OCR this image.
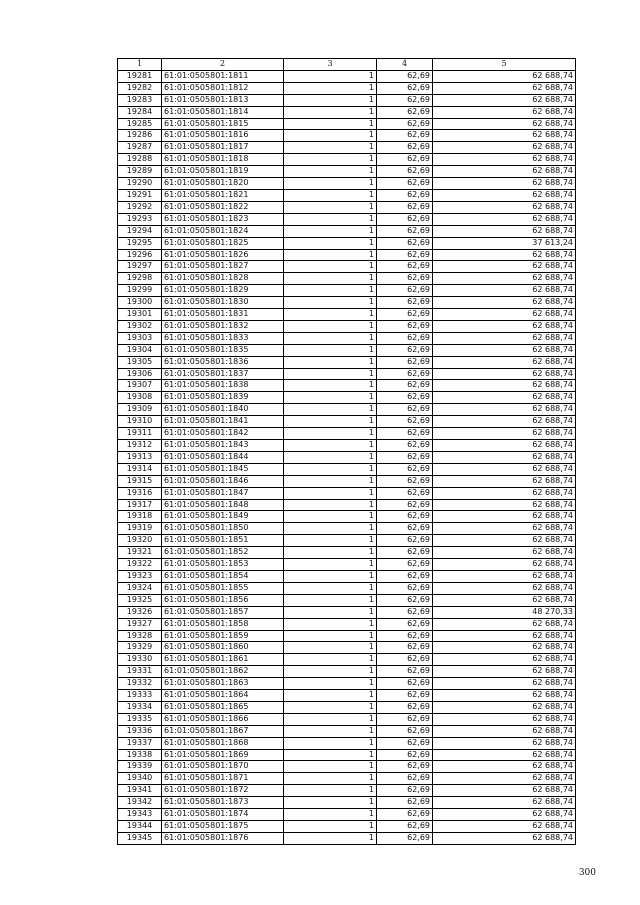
1	2	3	4	5
19281	61:01:0505801:1811	1	62,69	62 688,74
19282	61:01:0505801:1812	1	62,69	62 688,74
19283	61:01:0505801:1813	1	62,69	62 688,74
19284	61:01:0505801:1814	1	62,69	62 688,74
19285	61:01:0505801:1815	1	62,69	62 688,74
19286	61:01:0505801:1816	1	62,69	62 688,74
19287	61:01:0505801:1817	1	62,69	62 688,74
19288	61:01:0505801:1818	1	62,69	62 688,74
19289	61:01:0505801:1819	1	62,69	62 688,74
19290	61:01:0505801:1820	1	62,69	62 688,74
19291	61:01:0505801:1821	1	62,69	62 688,74
19292	61:01:0505801:1822	1	62,69	62 688,74
19293	61:01:0505801:1823	1	62,69	62 688,74
19294	61:01:0505801:1824	1	62,69	62 688,74
19295	61:01:0505801:1825	1	62,69	37 613,24
19296	61:01:0505801:1826	1	62,69	62 688,74
19297	61:01:0505801:1827	1	62,69	62 688,74
19298	61:01:0505801:1828	1	62,69	62 688,74
19299	61:01:0505801:1829	1	62,69	62 688,74
19300	61:01:0505801:1830	1	62,69	62 688,74
19301	61:01:0505801:1831	1	62,69	62 688,74
19302	61:01:0505801:1832	1	62,69	62 688,74
19303	61:01:0505801:1833	1	62,69	62 688,74
19304	61:01:0505801:1835	1	62,69	62 688,74
19305	61:01:0505801:1836	1	62,69	62 688,74
19306	61:01:0505801:1837	1	62,69	62 688,74
19307	61:01:0505801:1838	1	62,69	62 688,74
19308	61:01:0505801:1839	1	62,69	62 688,74
19309	61:01:0505801:1840	1	62,69	62 688,74
19310	61:01:0505801:1841	1	62,69	62 688,74
19311	61:01:0505801:1842	1	62,69	62 688,74
19312	61:01:0505801:1843	1	62,69	62 688,74
19313	61:01:0505801:1844	1	62,69	62 688,74
19314	61:01:0505801:1845	1	62,69	62 688,74
19315	61:01:0505801:1846	1	62,69	62 688,74
19316	61:01:0505801:1847	1	62,69	62 688,74
19317	61:01:0505801:1848	1	62,69	62 688,74
19318	61:01:0505801:1849	1	62,69	62 688,74
19319	61:01:0505801:1850	1	62,69	62 688,74
19320	61:01:0505801:1851	1	62,69	62 688,74
19321	61:01:0505801:1852	1	62,69	62 688,74
19322	61:01:0505801:1853	1	62,69	62 688,74
19323	61:01:0505801:1854	1	62,69	62 688,74
19324	61:01:0505801:1855	1	62,69	62 688,74
19325	61:01:0505801:1856	1	62,69	62 688,74
19326	61:01:0505801:1857	1	62,69	48 270,33
19327	61:01:0505801:1858	1	62,69	62 688,74
19328	61:01:0505801:1859	1	62,69	62 688,74
19329	61:01:0505801:1860	1	62,69	62 688,74
19330	61:01:0505801:1861	1	62,69	62 688,74
19331	61:01:0505801:1862	1	62,69	62 688,74
19332	61:01:0505801:1863	1	62,69	62 688,74
19333	61:01:0505801:1864	1	62,69	62 688,74
19334	61:01:0505801:1865	1	62,69	62 688,74
19335	61:01:0505801:1866	1	62,69	62 688,74
19336	61:01:0505801:1867	1	62,69	62 688,74
19337	61:01:0505801:1868	1	62,69	62 688,74
19338	61:01:0505801:1869	1	62,69	62 688,74
19339	61:01:0505801:1870	1	62,69	62 688,74
19340	61:01:0505801:1871	1	62,69	62 688,74
19341	61:01:0505801:1872	1	62,69	62 688,74
19342	61:01:0505801:1873	1	62,69	62 688,74
19343	61:01:0505801:1874	1	62,69	62 688,74
19344	61:01:0505801:1875	1	62,69	62 688,74
19345	61:01:0505801:1876	1	62,69	62 688,74
300
